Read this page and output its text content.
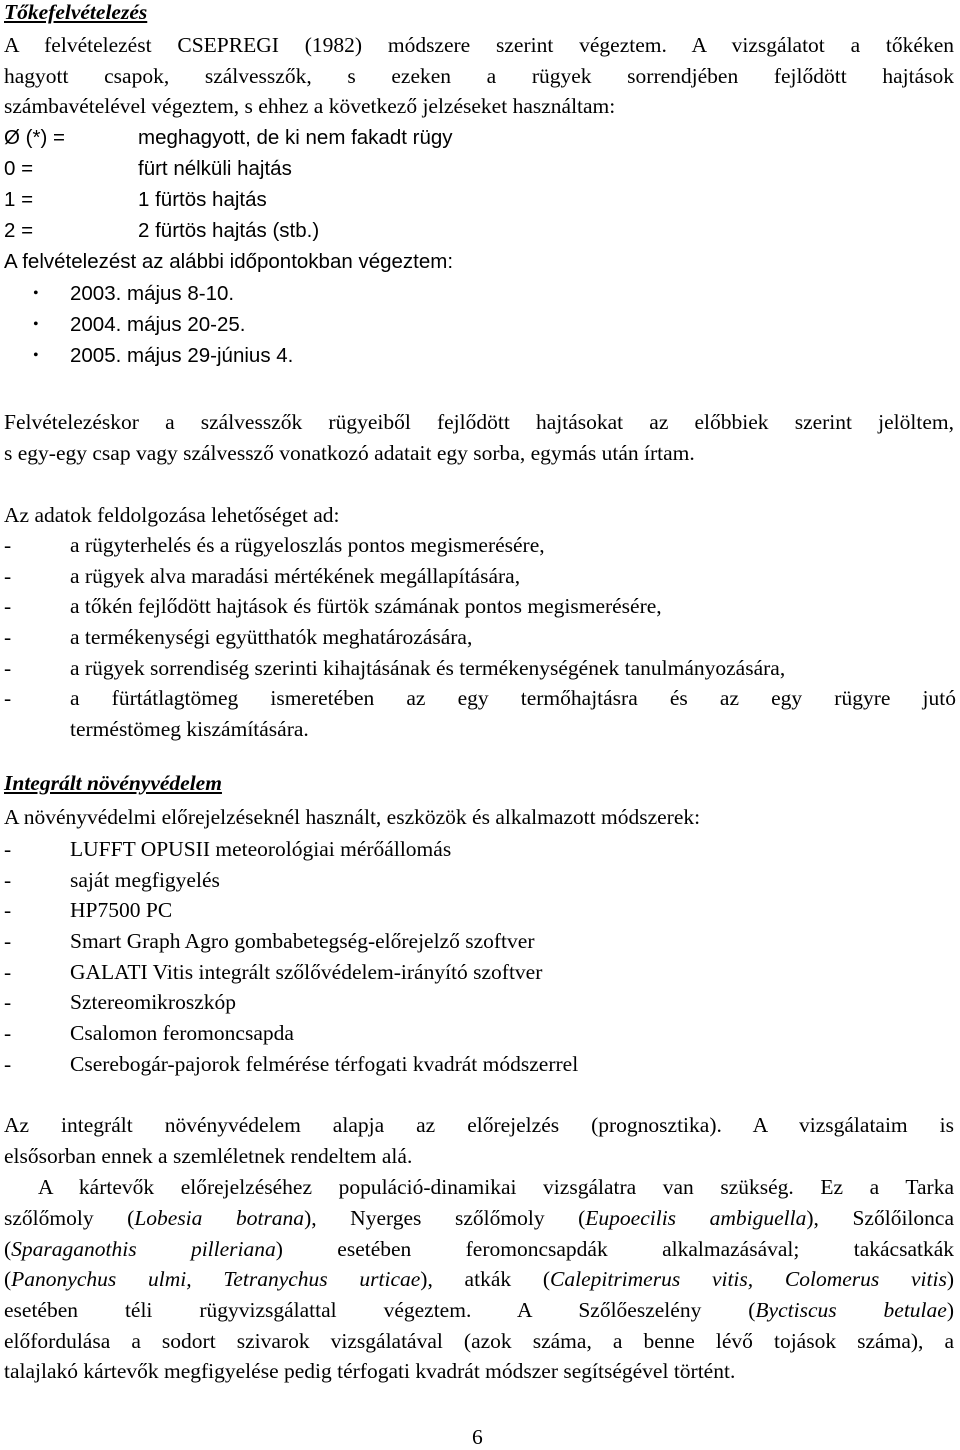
Tőkefelvételezés
A felvételezést CSEPREGI (1982) módszere szerint végeztem. A vizsgálatot a tőkéken
hagyott csapok, szálvesszők, s ezeken a rügyek sorrendjében fejlődött hajtások
számbavételével végeztem, s ehhez a következő jelzéseket használtam:
Ø (*) =	meghagyott, de ki nem fakadt rügy
0 =	fürt nélküli hajtás
1 =	1 fürtös hajtás
2 =	2 fürtös hajtás (stb.)
A felvételezést az alábbi időpontokban végeztem:
• 2003. május 8-10.
• 2004. május 20-25.
• 2005. május 29-június 4.
Felvételezéskor a szálvesszők rügyeiből fejlődött hajtásokat az előbbiek szerint jelöltem,
s egy-egy csap vagy szálvessző vonatkozó adatait egy sorba, egymás után írtam.
Az adatok feldolgozása lehetőséget ad:
-	a rügyterhelés és a rügyeloszlás pontos megismerésére,
-	a rügyek alva maradási mértékének megállapítására,
-	a tőkén fejlődött hajtások és fürtök számának pontos megismerésére,
-	a termékenységi együtthatók meghatározására,
-	a rügyek sorrendiség szerinti kihajtásának és termékenységének tanulmányozására,
-	a fürtátlagtömeg ismeretében az egy termőhajtásra és az egy rügyre jutó
terméstömeg kiszámítására.
Integrált növényvédelem
A növényvédelmi előrejelzéseknél használt, eszközök és alkalmazott módszerek:
-	LUFFT OPUSII meteorológiai mérőállomás
-	saját megfigyelés
-	HP7500 PC
-	Smart Graph Agro gombabetegség-előrejelző szoftver
-	GALATI Vitis integrált szőlővédelem-irányító szoftver
-	Sztereomikroszkóp
-	Csalomon feromoncsapda
-	Cserebogár-pajorok felmérése térfogati kvadrát módszerrel
Az integrált növényvédelem alapja az előrejelzés (prognosztika). A vizsgálataim is
elsősorban ennek a szemléletnek rendeltem alá.
A kártevők előrejelzéséhez populáció-dinamikai vizsgálatra van szükség. Ez a Tarka
szőlőmoly (Lobesia botrana), Nyerges szőlőmoly (Eupoecilis ambiguella), Szőlőilonca
(Sparaganothis pilleriana) esetében feromoncsapdák alkalmazásával; takácsatkák
(Panonychus ulmi, Tetranychus urticae), atkák (Calepitrimerus vitis, Colomerus vitis)
esetében téli rügyvizsgálattal végeztem. A Szőlőeszelény (Byctiscus betulae)
előfordulása a sodort szivarok vizsgálatával (azok száma, a benne lévő tojások száma), a
talajlakó kártevők megfigyelése pedig térfogati kvadrát módszer segítségével történt.
6
